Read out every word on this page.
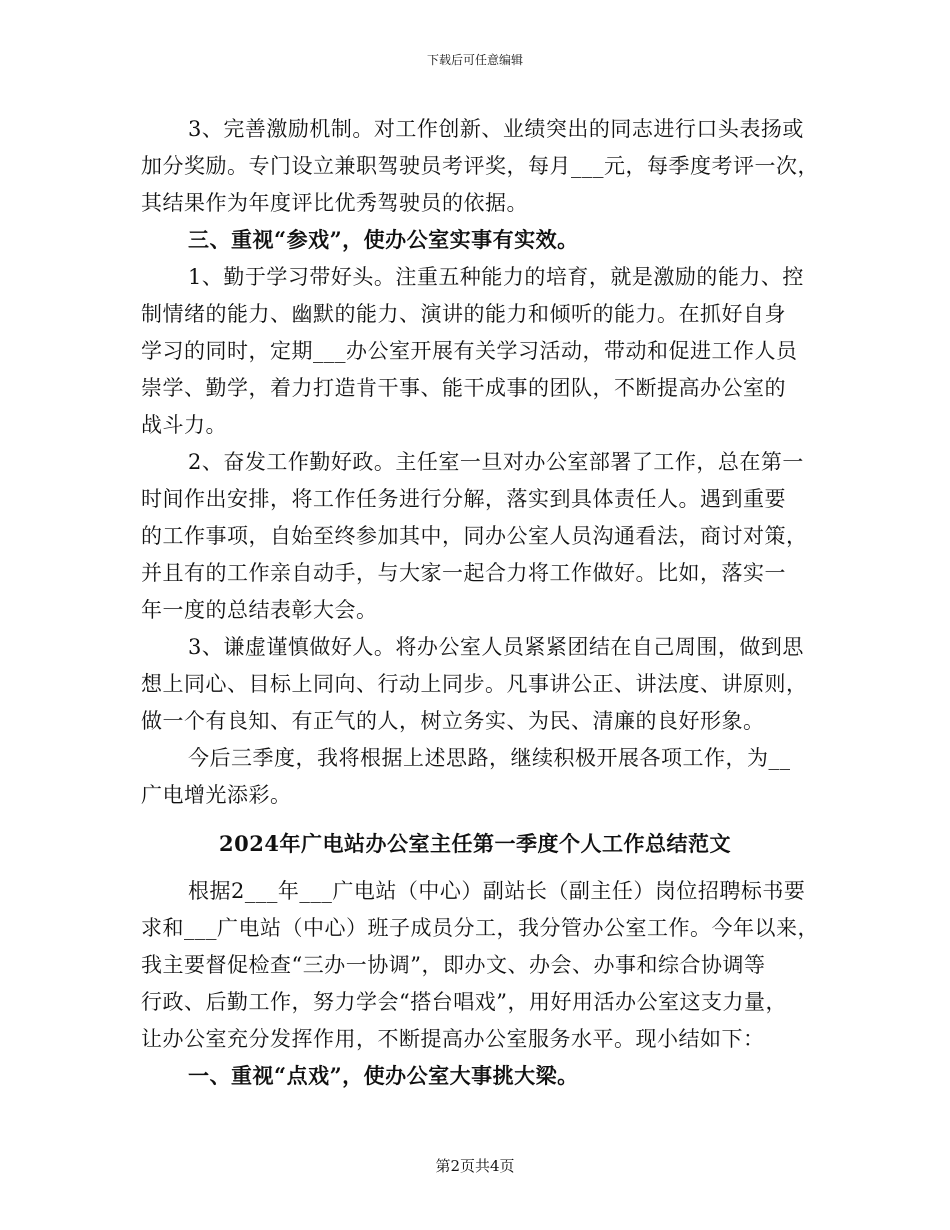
下载后可任意编辑
3、完善激励机制。对工作创新、业绩突出的同志进行口头表扬或
加分奖励。专门设立兼职驾驶员考评奖，每月___元，每季度考评一次，
其结果作为年度评比优秀驾驶员的依据。
三、重视“参戏”，使办公室实事有实效。
1、勤于学习带好头。注重五种能力的培育，就是激励的能力、控
制情绪的能力、幽默的能力、演讲的能力和倾听的能力。在抓好自身
学习的同时，定期___办公室开展有关学习活动，带动和促进工作人员
崇学、勤学，着力打造肯干事、能干成事的团队，不断提高办公室的
战斗力。
2、奋发工作勤好政。主任室一旦对办公室部署了工作，总在第一
时间作出安排，将工作任务进行分解，落实到具体责任人。遇到重要
的工作事项，自始至终参加其中，同办公室人员沟通看法，商讨对策，
并且有的工作亲自动手，与大家一起合力将工作做好。比如，落实一
年一度的总结表彰大会。
3、谦虚谨慎做好人。将办公室人员紧紧团结在自己周围，做到思
想上同心、目标上同向、行动上同步。凡事讲公正、讲法度、讲原则，
做一个有良知、有正气的人，树立务实、为民、清廉的良好形象。
今后三季度，我将根据上述思路，继续积极开展各项工作，为__
广电增光添彩。
2024年广电站办公室主任第一季度个人工作总结范文
根据2___年___广电站（中心）副站长（副主任）岗位招聘标书要
求和___广电站（中心）班子成员分工，我分管办公室工作。今年以来，
我主要督促检查“三办一协调”，即办文、办会、办事和综合协调等
行政、后勤工作，努力学会“搭台唱戏”，用好用活办公室这支力量，
让办公室充分发挥作用，不断提高办公室服务水平。现小结如下：
一、重视“点戏”，使办公室大事挑大梁。
第2页共4页
